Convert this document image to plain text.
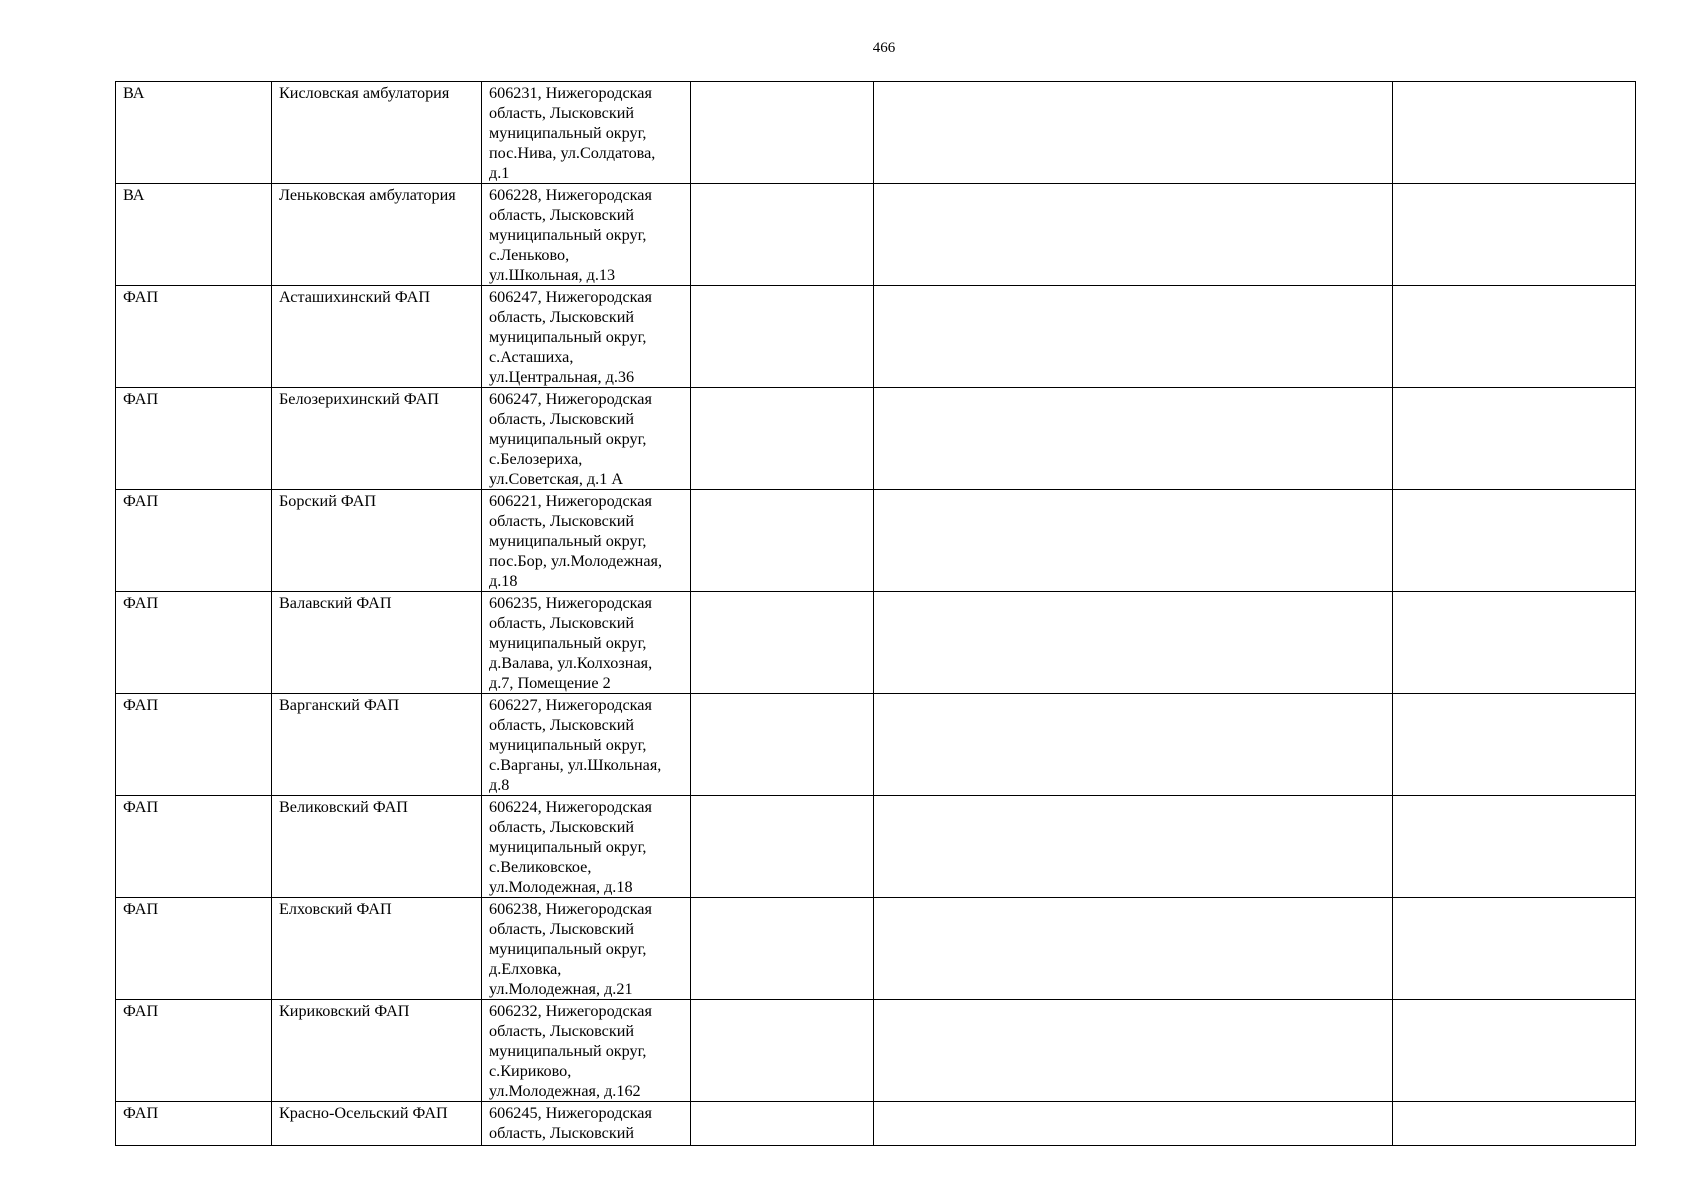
466
ВА	Кисловская амбулатория	606231, Нижегородская
область, Лысковский
муниципальный округ,
пос.Нива, ул.Солдатова,
д.1			
ВА	Леньковская амбулатория	606228, Нижегородская
область, Лысковский
муниципальный округ,
с.Леньково,
ул.Школьная, д.13			
ФАП	Асташихинский ФАП	606247, Нижегородская
область, Лысковский
муниципальный округ,
с.Асташиха,
ул.Центральная, д.36			
ФАП	Белозерихинский ФАП	606247, Нижегородская
область, Лысковский
муниципальный округ,
с.Белозериха,
ул.Советская, д.1 А			
ФАП	Борский ФАП	606221, Нижегородская
область, Лысковский
муниципальный округ,
пос.Бор, ул.Молодежная,
д.18			
ФАП	Валавский ФАП	606235, Нижегородская
область, Лысковский
муниципальный округ,
д.Валава, ул.Колхозная,
д.7, Помещение 2			
ФАП	Варганский ФАП	606227, Нижегородская
область, Лысковский
муниципальный округ,
с.Варганы, ул.Школьная,
д.8			
ФАП	Великовский ФАП	606224, Нижегородская
область, Лысковский
муниципальный округ,
с.Великовское,
ул.Молодежная, д.18			
ФАП	Елховский ФАП	606238, Нижегородская
область, Лысковский
муниципальный округ,
д.Елховка,
ул.Молодежная, д.21			
ФАП	Кириковский ФАП	606232, Нижегородская
область, Лысковский
муниципальный округ,
с.Кириково,
ул.Молодежная, д.162			
ФАП	Красно-Осельский ФАП	606245, Нижегородская
область, Лысковский			
